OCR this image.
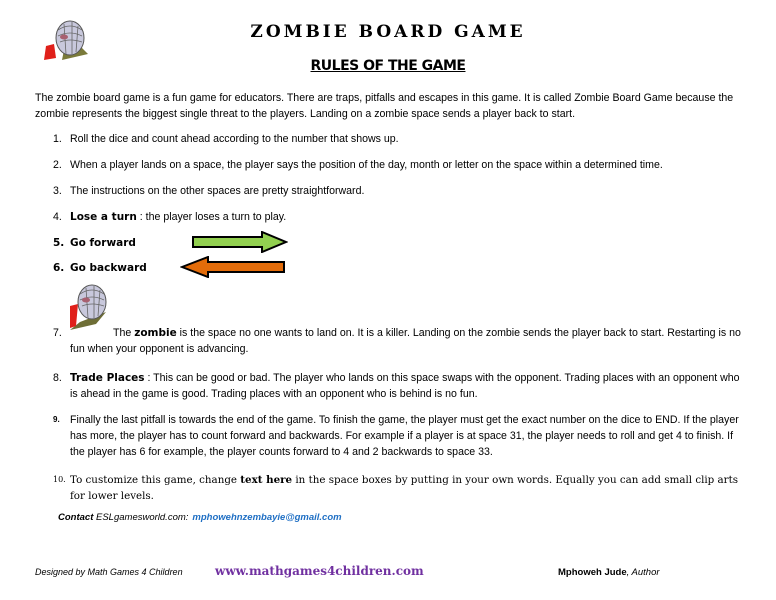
ZOMBIE BOARD GAME
RULES OF THE GAME
The zombie board game is a fun game for educators. There are traps, pitfalls and escapes in this game. It is called Zombie Board Game because the zombie represents the biggest single threat to the players. Landing on a zombie space sends a player back to start.
1. Roll the dice and count ahead according to the number that shows up.
2. When a player lands on a space, the player says the position of the day, month or letter on the space within a determined time.
3. The instructions on the other spaces are pretty straightforward.
4. Lose a turn : the player loses a turn to play.
5. Go forward
6. Go backward
7.	The zombie is the space no one wants to land on. It is a killer. Landing on the zombie sends the player back to start. Restarting is no fun when your opponent is advancing.
8. Trade Places : This can be good or bad. The player who lands on this space swaps with the opponent. Trading places with an opponent who is ahead in the game is good. Trading places with an opponent who is behind is no fun.
9. Finally the last pitfall is towards the end of the game. To finish the game, the player must get the exact number on the dice to END. If the player has more, the player has to count forward and backwards. For example if a player is at space 31, the player needs to roll and get 4 to finish. If the player has 6 for example, the player counts forward to 4 and 2 backwards to space 33.
10. To customize this game, change text here in the space boxes by putting in your own words. Equally you can add small clip arts for lower levels.
Contact ESLgamesworld.com: mphowehnzembayie@gmail.com
Designed by Math Games 4 Children	www.mathgames4children.com	Mphoweh Jude, Author
